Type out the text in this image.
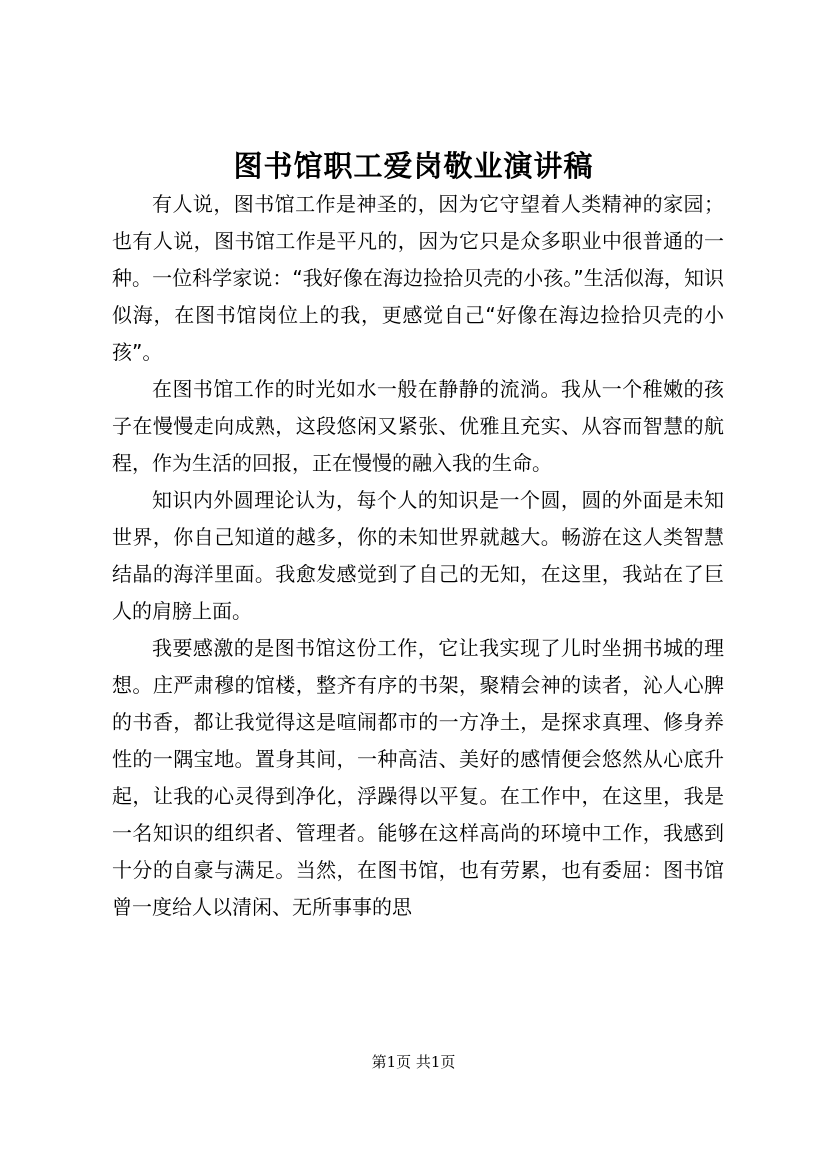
图书馆职工爱岗敬业演讲稿

有人说，图书馆工作是神圣的，因为它守望着人类精神的家园；也有人说，图书馆工作是平凡的，因为它只是众多职业中很普通的一种。一位科学家说：“我好像在海边捡拾贝壳的小孩。”生活似海，知识似海，在图书馆岗位上的我，更感觉自己“好像在海边捡拾贝壳的小孩”。

在图书馆工作的时光如水一般在静静的流淌。我从一个稚嫩的孩子在慢慢走向成熟，这段悠闲又紧张、优雅且充实、从容而智慧的航程，作为生活的回报，正在慢慢的融入我的生命。

知识内外圆理论认为，每个人的知识是一个圆，圆的外面是未知世界，你自己知道的越多，你的未知世界就越大。畅游在这人类智慧结晶的海洋里面。我愈发感觉到了自己的无知，在这里，我站在了巨人的肩膀上面。

我要感激的是图书馆这份工作，它让我实现了儿时坐拥书城的理想。庄严肃穆的馆楼，整齐有序的书架，聚精会神的读者，沁人心脾的书香，都让我觉得这是喧闹都市的一方净土，是探求真理、修身养性的一隅宝地。置身其间，一种高洁、美好的感情便会悠然从心底升起，让我的心灵得到净化，浮躁得以平复。在工作中，在这里，我是一名知识的组织者、管理者。能够在这样高尚的环境中工作，我感到十分的自豪与满足。当然，在图书馆，也有劳累，也有委屈：图书馆曾一度给人以清闲、无所事事的思

第1页 共1页
